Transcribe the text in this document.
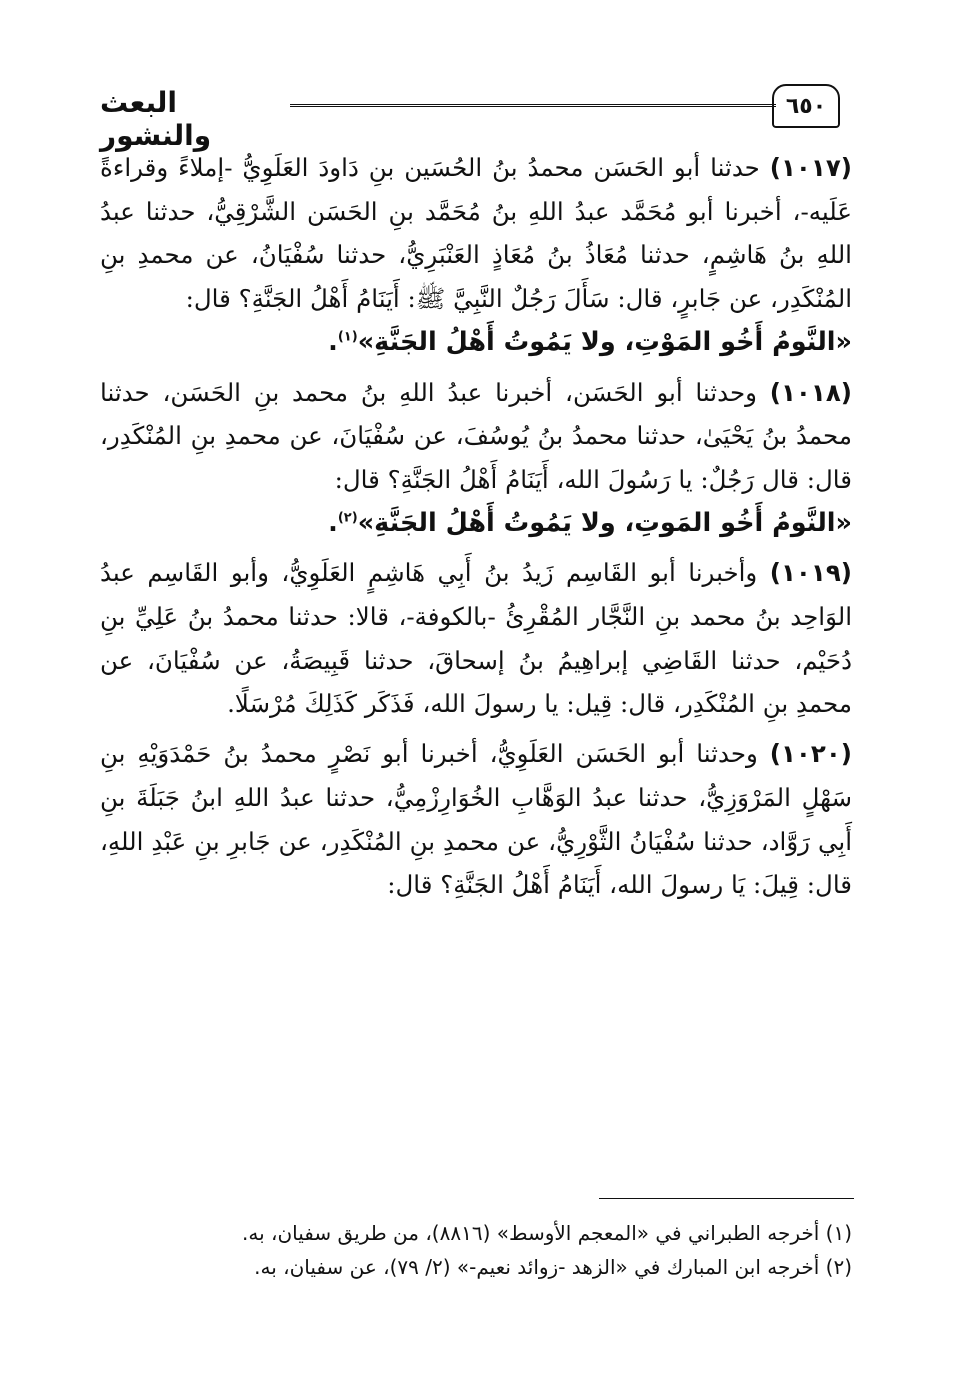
٦٥٠
البعث والنشور

(١٠١٧) حدثنا أبو الحَسَن محمدُ بنُ الحُسَين بنِ دَاودَ العَلَوِيُّ -إملاءً وقراءةً عَلَيه-، أخبرنا أبو مُحَمَّد عبدُ اللهِ بنُ مُحَمَّد بنِ الحَسَن الشَّرْقِيُّ، حدثنا عبدُ اللهِ بنُ هَاشِمٍ، حدثنا مُعَاذُ بنُ مُعَاذٍ العَنْبَرِيُّ، حدثنا سُفْيَانُ، عن محمدِ بنِ المُنْكَدِر، عن جَابرٍ، قال: سَأَلَ رَجُلٌ النَّبِيَّ ﷺ: أَيَنَامُ أَهْلُ الجَنَّةِ؟ قال:
«النَّومُ أَخُو المَوْتِ، ولا يَمُوتُ أَهْلُ الجَنَّةِ»$^{(١)}$.

(١٠١٨) وحدثنا أبو الحَسَن، أخبرنا عبدُ اللهِ بنُ محمد بنِ الحَسَن، حدثنا محمدُ بنُ يَحْيَىٰ، حدثنا محمدُ بنُ يُوسُفَ، عن سُفْيَانَ، عن محمدِ بنِ المُنْكَدِر، قال: قال رَجُلٌ: يا رَسُولَ الله، أَيَنَامُ أَهْلُ الجَنَّةِ؟ قال:
«النَّومُ أَخُو المَوتِ، ولا يَمُوتُ أَهْلُ الجَنَّةِ»$^{(٢)}$.

(١٠١٩) وأخبرنا أبو القَاسِم زَيدُ بنُ أَبِي هَاشِمٍ العَلَوِيُّ، وأبو القَاسِم عبدُ الوَاحِد بنُ محمد بنِ النَّجَّار المُقْرِئُ -بالكوفة-، قالا: حدثنا محمدُ بنُ عَلِيِّ بنِ دُحَيْم، حدثنا القَاضِي إبراهِيمُ بنُ إسحاقَ، حدثنا قَبِيصَةُ، عن سُفْيَانَ، عن محمدِ بنِ المُنْكَدِر، قال: قِيل: يا رسولَ الله، فَذَكَر كَذَلِكَ مُرْسَلًا.

(١٠٢٠) وحدثنا أبو الحَسَن العَلَوِيُّ، أخبرنا أبو نَصْرٍ محمدُ بنُ حَمْدَوَيْهِ بنِ سَهْلٍ المَرْوَزِيُّ، حدثنا عبدُ الوَهَّابِ الخُوَارِزْمِيُّ، حدثنا عبدُ اللهِ ابنُ جَبَلَةَ بنِ أَبِي رَوَّاد، حدثنا سُفْيَانُ الثَّوْرِيُّ، عن محمدِ بنِ المُنْكَدِر، عن جَابرِ بنِ عَبْدِ اللهِ، قال: قِيلَ: يَا رسولَ الله، أَيَنَامُ أَهْلُ الجَنَّةِ؟ قال:

(١) أخرجه الطبراني في «المعجم الأوسط» (٨٨١٦)، من طريق سفيان، به.

(٢) أخرجه ابن المبارك في «الزهد -زوائد نعيم-» (٢/ ٧٩)، عن سفيان، به.
